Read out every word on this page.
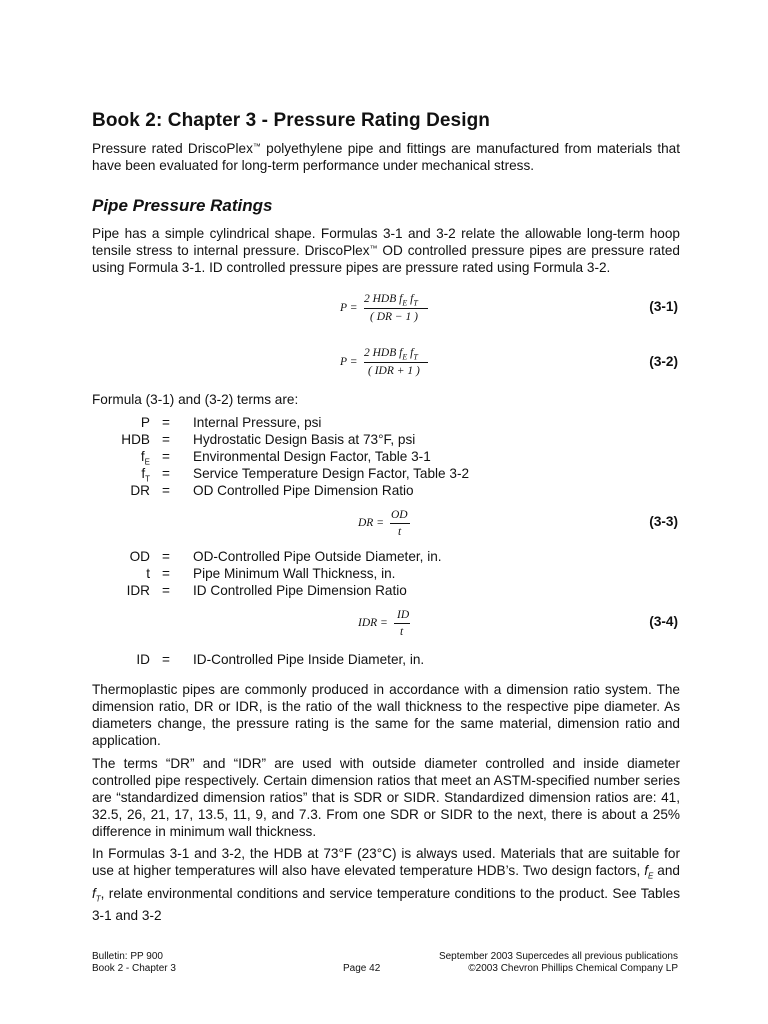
Book 2: Chapter 3 - Pressure Rating Design

Pressure rated DriscoPlex™ polyethylene pipe and fittings are manufactured from materials that have been evaluated for long-term performance under mechanical stress.

Pipe Pressure Ratings

Pipe has a simple cylindrical shape. Formulas 3-1 and 3-2 relate the allowable long-term hoop tensile stress to internal pressure. DriscoPlex™ OD controlled pressure pipes are pressure rated using Formula 3-1. ID controlled pressure pipes are pressure rated using Formula 3-2.

P =
2 HDB $f_E$ $f_T$
( DR − 1 )
(3-1)
P =
2 HDB $f_E$ $f_T$
( IDR + 1 )
(3-2)

Formula (3-1) and (3-2) terms are:

P = Internal Pressure, psi
HDB = Hydrostatic Design Basis at 73°F, psi
$f_E$ = Environmental Design Factor, Table 3-1
$f_T$ = Service Temperature Design Factor, Table 3-2
DR = OD Controlled Pipe Dimension Ratio
DR =
OD
t
(3-3)
OD = OD-Controlled Pipe Outside Diameter, in.
t = Pipe Minimum Wall Thickness, in.
IDR = ID Controlled Pipe Dimension Ratio
IDR =
ID
t
(3-4)
ID = ID-Controlled Pipe Inside Diameter, in.

Thermoplastic pipes are commonly produced in accordance with a dimension ratio system. The dimension ratio, DR or IDR, is the ratio of the wall thickness to the respective pipe diameter. As diameters change, the pressure rating is the same for the same material, dimension ratio and application.

The terms “DR” and “IDR” are used with outside diameter controlled and inside diameter controlled pipe respectively. Certain dimension ratios that meet an ASTM-specified number series are “standardized dimension ratios” that is SDR or SIDR. Standardized dimension ratios are: 41, 32.5, 26, 21, 17, 13.5, 11, 9, and 7.3. From one SDR or SIDR to the next, there is about a 25% difference in minimum wall thickness.

In Formulas 3-1 and 3-2, the HDB at 73°F (23°C) is always used. Materials that are suitable for use at higher temperatures will also have elevated temperature HDB’s. Two design factors, $f_E$ and $f_T$, relate environmental conditions and service temperature conditions to the product. See Tables 3-1 and 3-2

Bulletin: PP 900
Book 2 - Chapter 3	Page 42
September 2003 Supercedes all previous publications
©2003 Chevron Phillips Chemical Company LP
